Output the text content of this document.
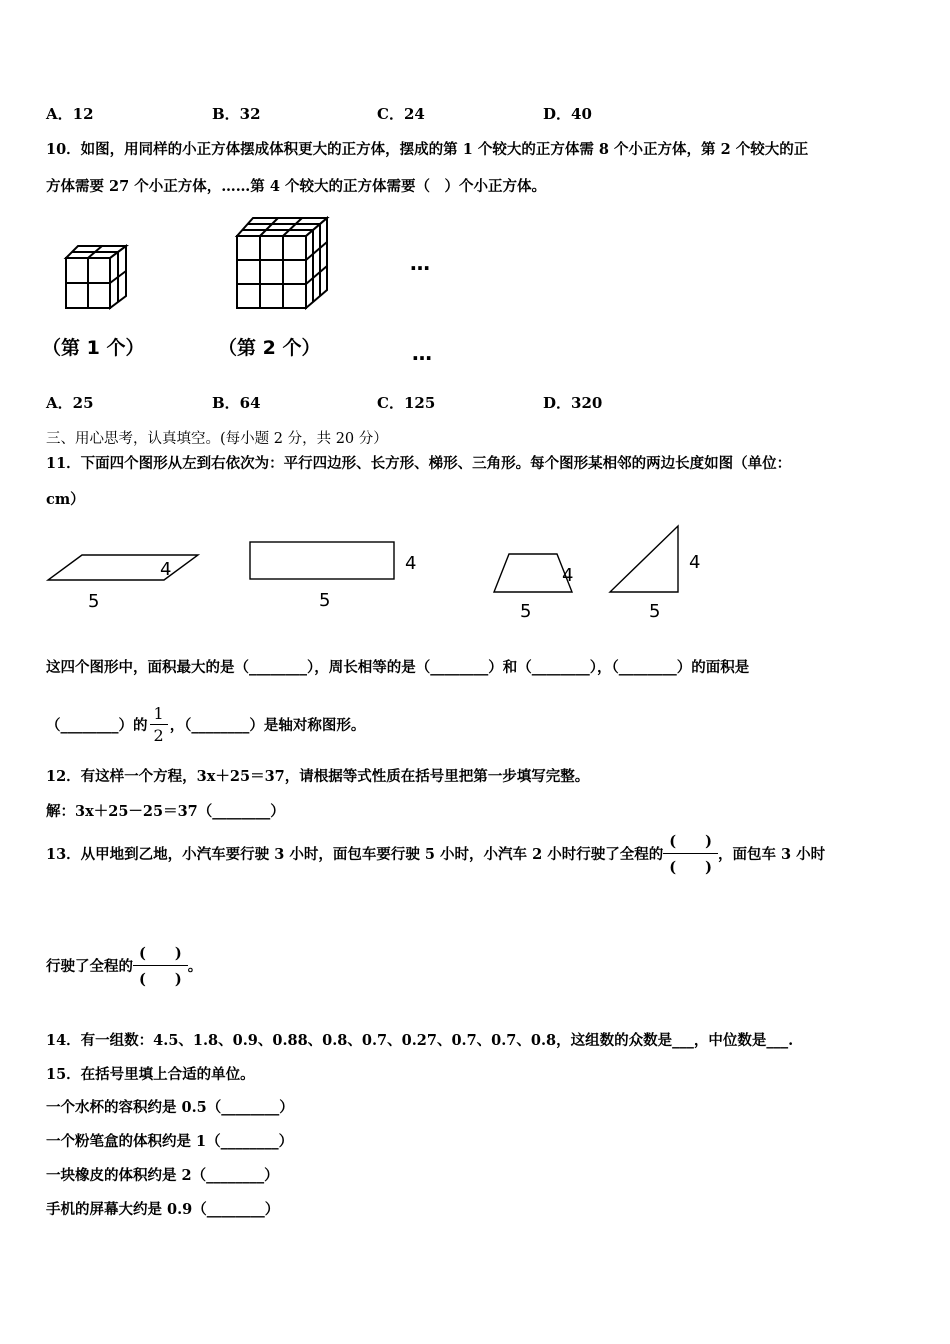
A．12	B．32	C．24	D．40
10．如图，用同样的小正方体摆成体积更大的正方体，摆成的第 1 个较大的正方体需 8 个小正方体，第 2 个较大的正
方体需要 27 个小正方体，……第 4 个较大的正方体需要（　）个小正方体。
…
（第 1 个）	（第 2 个）	…
A．25	B．64	C．125	D．320
三、用心思考，认真填空。(每小题 2 分，共 20 分）
11．下面四个图形从左到右依次为：平行四边形、长方形、梯形、三角形。每个图形某相邻的两边长度如图（单位：
cm）
5
4	4
5
4
5
4
5
这四个图形中，面积最大的是（________），周长相等的是（________）和（________），（________）的面积是
（________）的 $\frac{1}{2}$ ，（________）是轴对称图形。
12．有这样一个方程，3x＋25＝37，请根据等式性质在括号里把第一步填写完整。
解：3x＋25－25＝37（________）
13．从甲地到乙地，小汽车要行驶 3 小时，面包车要行驶 5 小时，小汽车 2 小时行驶了全程的
(　　)
(　　)
，面包车 3 小时
行驶了全程的
(　　)
(　　)
。
14．有一组数：4.5、1.8、0.9、0.88、0.8、0.7、0.27、0.7、0.7、0.8，这组数的众数是___，中位数是___.
15．在括号里填上合适的单位。
一个水杯的容积约是 0.5（________）
一个粉笔盒的体积约是 1（________）
一块橡皮的体积约是 2（________）
手机的屏幕大约是 0.9（________）
